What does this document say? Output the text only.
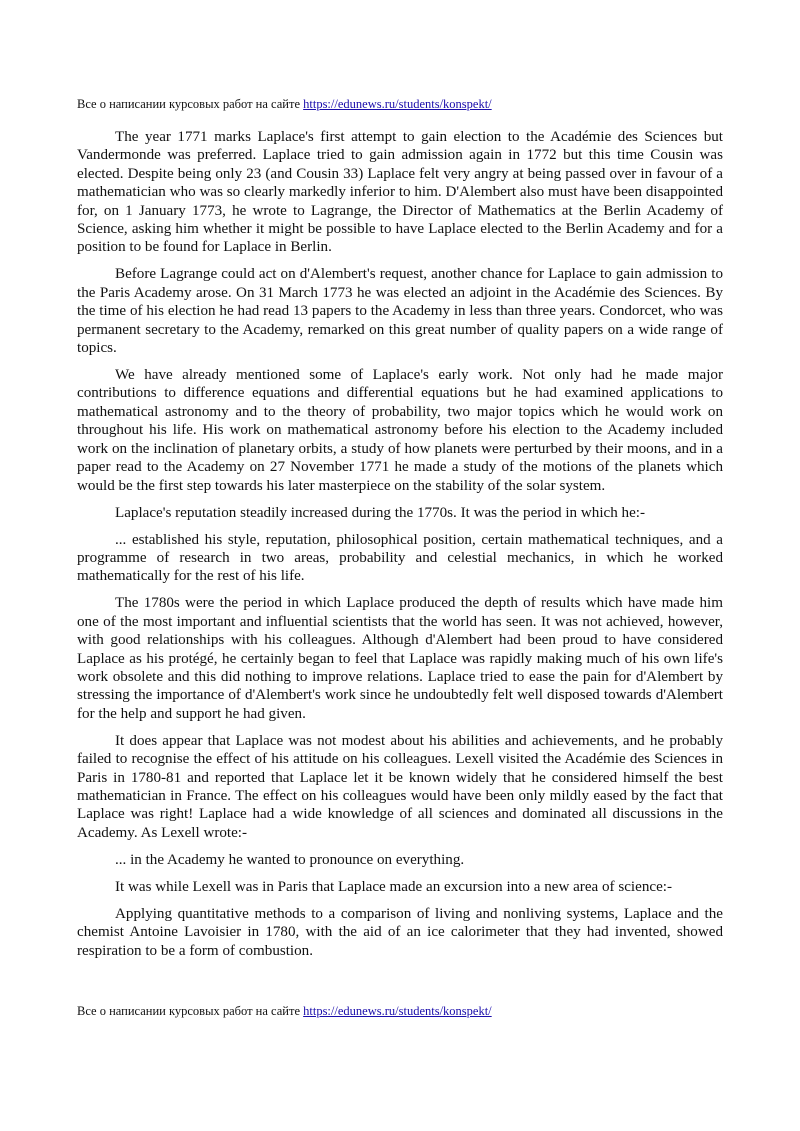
Все о написании курсовых работ на сайте https://edunews.ru/students/konspekt/

The year 1771 marks Laplace's first attempt to gain election to the Académie des Sciences but Vandermonde was preferred. Laplace tried to gain admission again in 1772 but this time Cousin was elected. Despite being only 23 (and Cousin 33) Laplace felt very angry at being passed over in favour of a mathematician who was so clearly markedly inferior to him. D'Alembert also must have been disappointed for, on 1 January 1773, he wrote to Lagrange, the Director of Mathematics at the Berlin Academy of Science, asking him whether it might be possible to have Laplace elected to the Berlin Academy and for a position to be found for Laplace in Berlin.

Before Lagrange could act on d'Alembert's request, another chance for Laplace to gain admission to the Paris Academy arose. On 31 March 1773 he was elected an adjoint in the Académie des Sciences. By the time of his election he had read 13 papers to the Academy in less than three years. Condorcet, who was permanent secretary to the Academy, remarked on this great number of quality papers on a wide range of topics.

We have already mentioned some of Laplace's early work. Not only had he made major contributions to difference equations and differential equations but he had examined applications to mathematical astronomy and to the theory of probability, two major topics which he would work on throughout his life. His work on mathematical astronomy before his election to the Academy included work on the inclination of planetary orbits, a study of how planets were perturbed by their moons, and in a paper read to the Academy on 27 November 1771 he made a study of the motions of the planets which would be the first step towards his later masterpiece on the stability of the solar system.

Laplace's reputation steadily increased during the 1770s. It was the period in which he:-

... established his style, reputation, philosophical position, certain mathematical techniques, and a programme of research in two areas, probability and celestial mechanics, in which he worked mathematically for the rest of his life.

The 1780s were the period in which Laplace produced the depth of results which have made him one of the most important and influential scientists that the world has seen. It was not achieved, however, with good relationships with his colleagues. Although d'Alembert had been proud to have considered Laplace as his protégé, he certainly began to feel that Laplace was rapidly making much of his own life's work obsolete and this did nothing to improve relations. Laplace tried to ease the pain for d'Alembert by stressing the importance of d'Alembert's work since he undoubtedly felt well disposed towards d'Alembert for the help and support he had given.

It does appear that Laplace was not modest about his abilities and achievements, and he probably failed to recognise the effect of his attitude on his colleagues. Lexell visited the Académie des Sciences in Paris in 1780-81 and reported that Laplace let it be known widely that he considered himself the best mathematician in France. The effect on his colleagues would have been only mildly eased by the fact that Laplace was right! Laplace had a wide knowledge of all sciences and dominated all discussions in the Academy. As Lexell wrote:-

... in the Academy he wanted to pronounce on everything.

It was while Lexell was in Paris that Laplace made an excursion into a new area of science:-

Applying quantitative methods to a comparison of living and nonliving systems, Laplace and the chemist Antoine Lavoisier in 1780, with the aid of an ice calorimeter that they had invented, showed respiration to be a form of combustion.

Все о написании курсовых работ на сайте https://edunews.ru/students/konspekt/
